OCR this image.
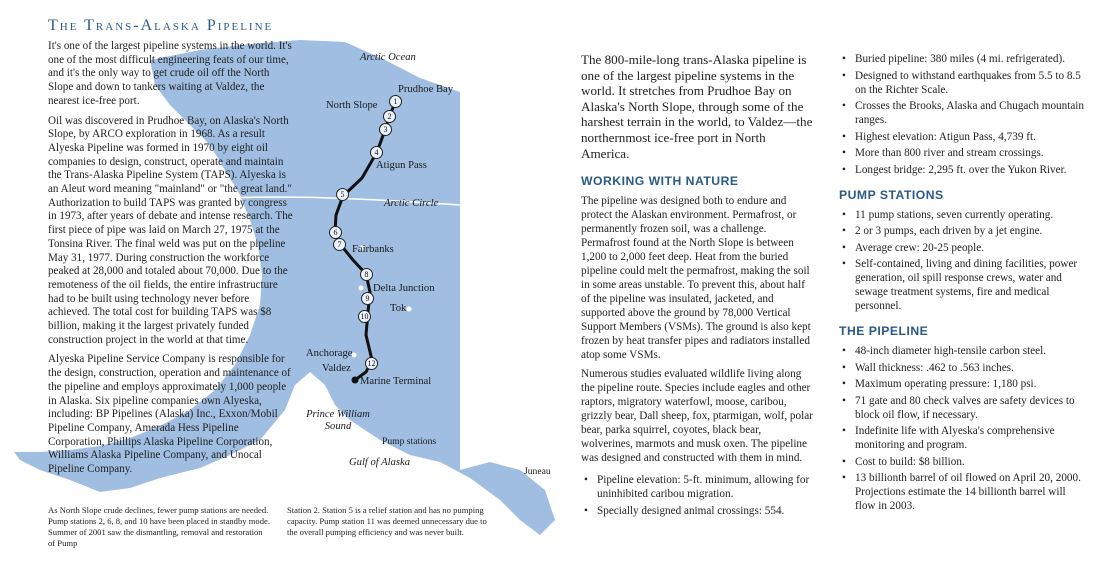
The Trans-Alaska Pipeline

It's one of the largest pipeline systems in the world. It's one of the most difficult engineering feats of our time, and it's the only way to get crude oil off the North Slope and down to tankers waiting at Valdez, the nearest ice-free port.

Oil was discovered in Prudhoe Bay, on Alaska's North Slope, by ARCO exploration in 1968. As a result Alyeska Pipeline was formed in 1970 by eight oil companies to design, construct, operate and maintain the Trans-Alaska Pipeline System (TAPS). Alyeska is an Aleut word meaning "mainland" or "the great land." Authorization to build TAPS was granted by congress in 1973, after years of debate and intense research. The first piece of pipe was laid on March 27, 1975 at the Tonsina River. The final weld was put on the pipeline May 31, 1977. During construction the workforce peaked at 28,000 and totaled about 70,000. Due to the remoteness of the oil fields, the entire infrastructure had to be built using technology never before achieved. The total cost for building TAPS was $8 billion, making it the largest privately funded construction project in the world at that time.

Alyeska Pipeline Service Company is responsible for the design, construction, operation and maintenance of the pipeline and employs approximately 1,000 people in Alaska. Six pipeline companies own Alyeska, including: BP Pipelines (Alaska) Inc., Exxon/Mobil Pipeline Company, Amerada Hess Pipeline Corporation, Phillips Alaska Pipeline Corporation, Williams Alaska Pipeline Company, and Unocal Pipeline Company.

Arctic Ocean
Prudhoe Bay
North Slope
Atigun Pass
Arctic Circle
Fairbanks
Delta Junction
Tok
Anchorage
Valdez
Marine Terminal
Prince William Sound
Pump stations
Gulf of Alaska
Juneau
1
2
3
4
5
6
7
8
9
10
12
As North Slope crude declines, fewer pump stations are needed. Pump stations 2, 6, 8, and 10 have been placed in standby mode. Summer of 2001 saw the dismantling, removal and restoration of Pump
Station 2. Station 5 is a relief station and has no pumping capacity. Pump station 11 was deemed unnecessary due to the overall pumping efficiency and was never built.

The 800-mile-long trans-Alaska pipeline is one of the largest pipeline systems in the world. It stretches from Prudhoe Bay on Alaska's North Slope, through some of the harshest terrain in the world, to Valdez—the northernmost ice-free port in North America.

WORKING WITH NATURE

The pipeline was designed both to endure and protect the Alaskan environment. Permafrost, or permanently frozen soil, was a challenge. Permafrost found at the North Slope is between 1,200 to 2,000 feet deep. Heat from the buried pipeline could melt the permafrost, making the soil in some areas unstable. To prevent this, about half of the pipeline was insulated, jacketed, and supported above the ground by 78,000 Vertical Support Members (VSMs). The ground is also kept frozen by heat transfer pipes and radiators installed atop some VSMs.

Numerous studies evaluated wildlife living along the pipeline route. Species include eagles and other raptors, migratory waterfowl, moose, caribou, grizzly bear, Dall sheep, fox, ptarmigan, wolf, polar bear, parka squirrel, coyotes, black bear, wolverines, marmots and musk oxen. The pipeline was designed and constructed with them in mind.

• Pipeline elevation: 5-ft. minimum, allowing for uninhibited caribou migration.
• Specially designed animal crossings: 554.
• Buried pipeline: 380 miles (4 mi. refrigerated).
• Designed to withstand earthquakes from 5.5 to 8.5 on the Richter Scale.
• Crosses the Brooks, Alaska and Chugach mountain ranges.
• Highest elevation: Atigun Pass, 4,739 ft.
• More than 800 river and stream crossings.
• Longest bridge: 2,295 ft. over the Yukon River.
PUMP STATIONS
• 11 pump stations, seven currently operating.
• 2 or 3 pumps, each driven by a jet engine.
• Average crew: 20-25 people.
• Self-contained, living and dining facilities, power generation, oil spill response crews, water and sewage treatment systems, fire and medical personnel.
THE PIPELINE
• 48-inch diameter high-tensile carbon steel.
• Wall thickness: .462 to .563 inches.
• Maximum operating pressure: 1,180 psi.
• 71 gate and 80 check valves are safety devices to block oil flow, if necessary.
• Indefinite life with Alyeska's comprehensive monitoring and program.
• Cost to build: $8 billion.
• 13 billionth barrel of oil flowed on April 20, 2000. Projections estimate the 14 billionth barrel will flow in 2003.
